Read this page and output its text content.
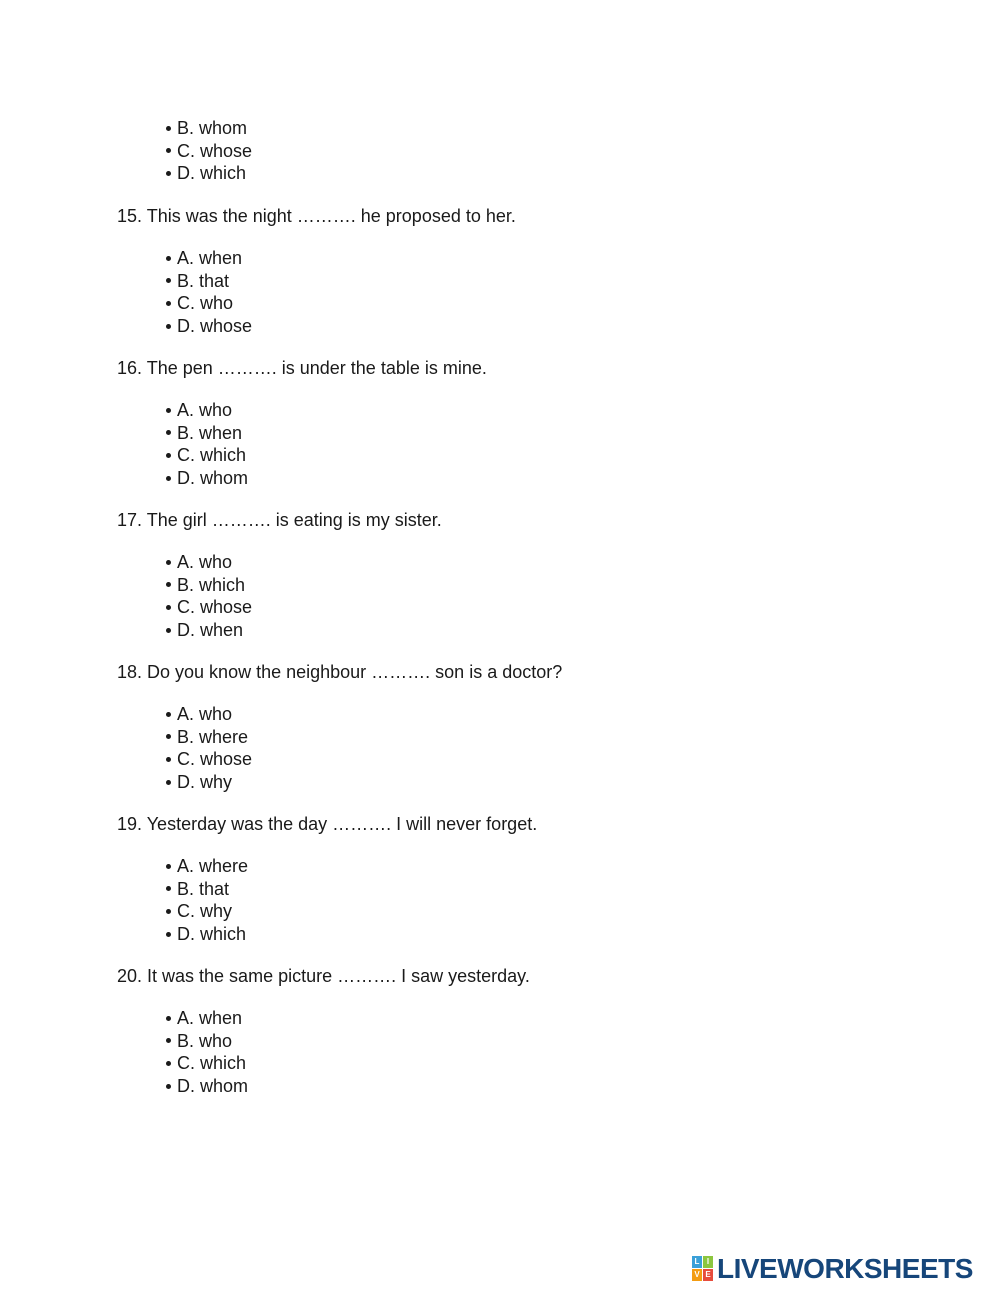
B. whom
C. whose
D. which
15. This was the night ………. he proposed to her.
A. when
B. that
C. who
D. whose
16. The pen ………. is under the table is mine.
A. who
B. when
C. which
D. whom
17. The girl ………. is eating is my sister.
A. who
B. which
C. whose
D. when
18. Do you know the neighbour ………. son is a doctor?
A. who
B. where
C. whose
D. why
19. Yesterday was the day ………. I will never forget.
A. where
B. that
C. why
D. which
20. It was the same picture ………. I saw yesterday.
A. when
B. who
C. which
D. whom
L I
V E LIVEWORKSHEETS
